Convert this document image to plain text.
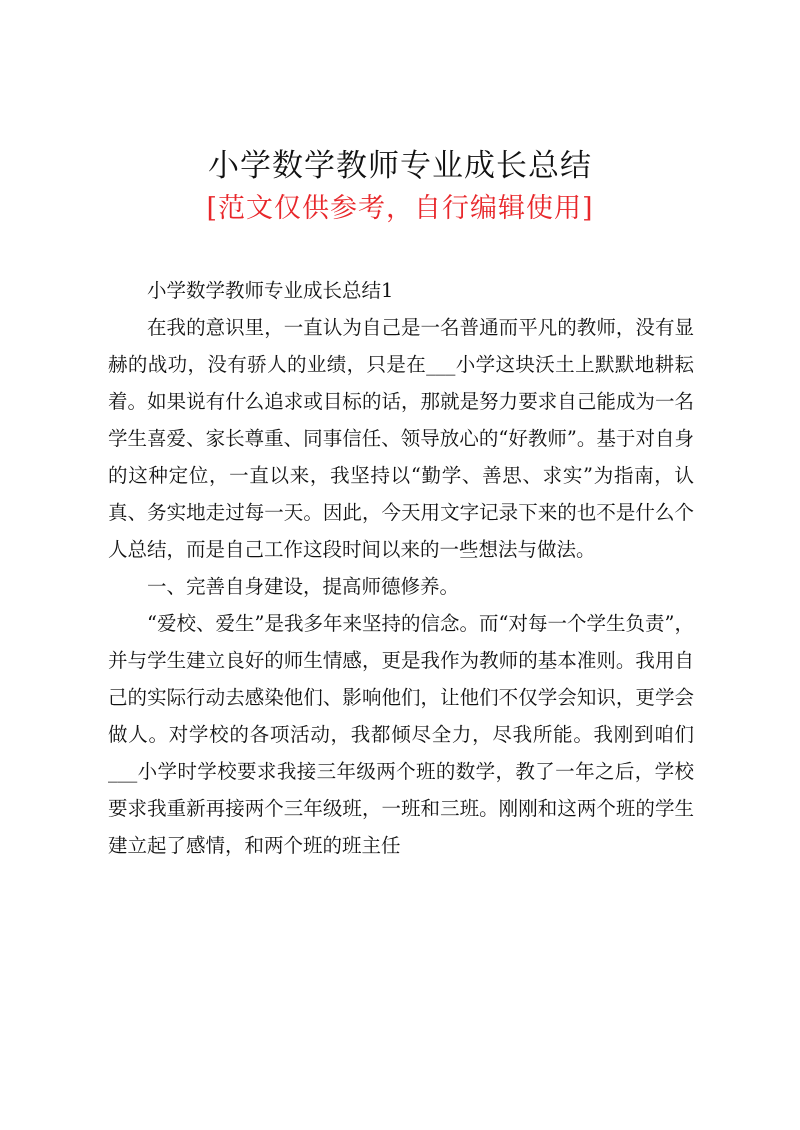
小学数学教师专业成长总结
[范文仅供参考，自行编辑使用]

小学数学教师专业成长总结1

在我的意识里，一直认为自己是一名普通而平凡的教师，没有显赫的战功，没有骄人的业绩，只是在___小学这块沃土上默默地耕耘着。如果说有什么追求或目标的话，那就是努力要求自己能成为一名学生喜爱、家长尊重、同事信任、领导放心的“好教师”。基于对自身的这种定位，一直以来，我坚持以“勤学、善思、求实”为指南，认真、务实地走过每一天。因此，今天用文字记录下来的也不是什么个人总结，而是自己工作这段时间以来的一些想法与做法。

一、完善自身建设，提高师德修养。

“爱校、爱生”是我多年来坚持的信念。而“对每一个学生负责”，并与学生建立良好的师生情感，更是我作为教师的基本准则。我用自己的实际行动去感染他们、影响他们，让他们不仅学会知识，更学会做人。对学校的各项活动，我都倾尽全力，尽我所能。我刚到咱们___小学时学校要求我接三年级两个班的数学，教了一年之后，学校要求我重新再接两个三年级班，一班和三班。刚刚和这两个班的学生建立起了感情，和两个班的班主任
